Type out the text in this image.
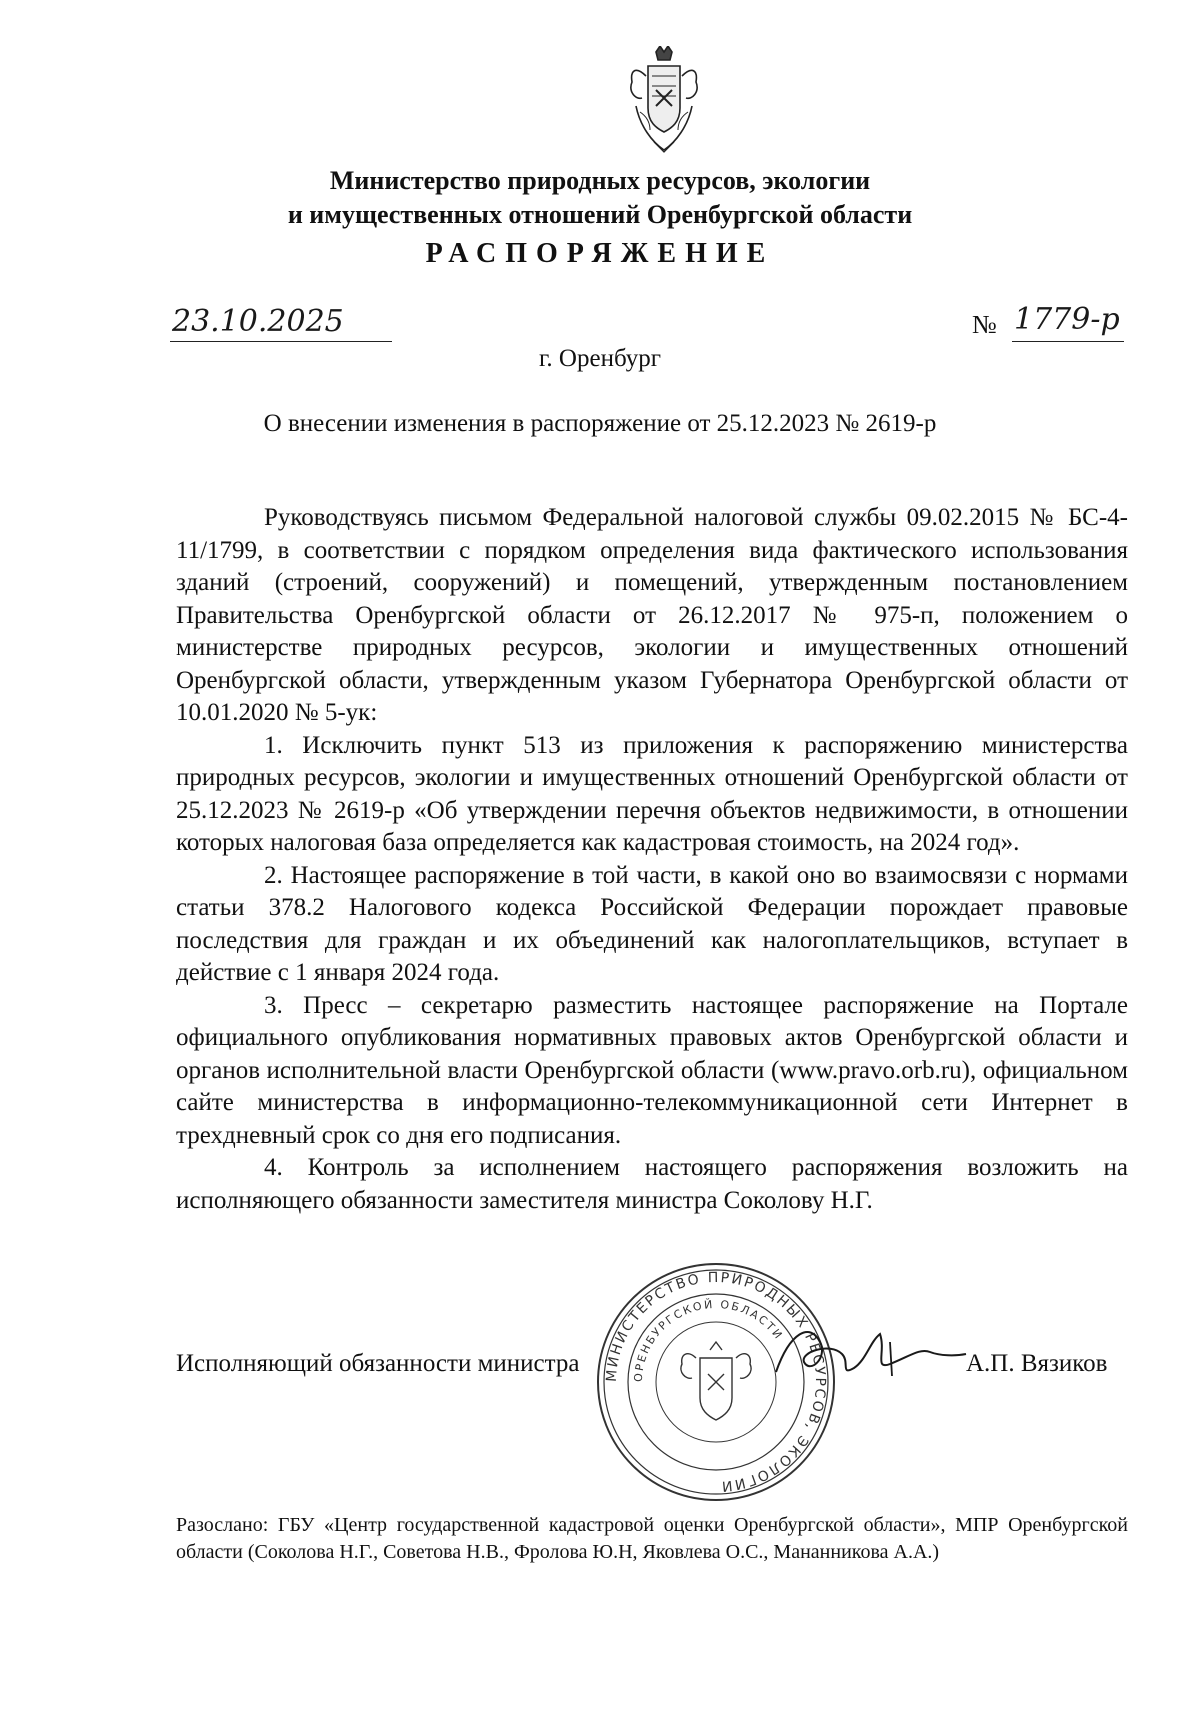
Министерство природных ресурсов, экологии
и имущественных отношений Оренбургской области
РАСПОРЯЖЕНИЕ
23.10.2025	№ 1779-р
г. Оренбург
О внесении изменения в распоряжение от 25.12.2023 № 2619-р

Руководствуясь письмом Федеральной налоговой службы 09.02.2015 № БС-4-11/1799, в соответствии с порядком определения вида фактического использования зданий (строений, сооружений) и помещений, утвержденным постановлением Правительства Оренбургской области от 26.12.2017 № 975-п, положением о министерстве природных ресурсов, экологии и имущественных отношений Оренбургской области, утвержденным указом Губернатора Оренбургской области от 10.01.2020 № 5-ук:

1. Исключить пункт 513 из приложения к распоряжению министерства природных ресурсов, экологии и имущественных отношений Оренбургской области от 25.12.2023 № 2619-р «Об утверждении перечня объектов недвижимости, в отношении которых налоговая база определяется как кадастровая стоимость, на 2024 год».

2. Настоящее распоряжение в той части, в какой оно во взаимосвязи с нормами статьи 378.2 Налогового кодекса Российской Федерации порождает правовые последствия для граждан и их объединений как налогоплательщиков, вступает в действие с 1 января 2024 года.

3. Пресс – секретарю разместить настоящее распоряжение на Портале официального опубликования нормативных правовых актов Оренбургской области и органов исполнительной власти Оренбургской области (www.pravo.orb.ru), официальном сайте министерства в информационно-телекоммуникационной сети Интернет в трехдневный срок со дня его подписания.

4. Контроль за исполнением настоящего распоряжения возложить на исполняющего обязанности заместителя министра Соколову Н.Г.

Исполняющий обязанности министра МИНИСТЕРСТВО ПРИРОДНЫХ РЕСУРСОВ, ЭКОЛОГИИ
ОРЕНБУРГСКОЙ ОБЛАСТИ
А.П. Вязиков
Разослано: ГБУ «Центр государственной кадастровой оценки Оренбургской области», МПР Оренбургской области (Соколова Н.Г., Советова Н.В., Фролова Ю.Н, Яковлева О.С., Мананникова А.А.)
